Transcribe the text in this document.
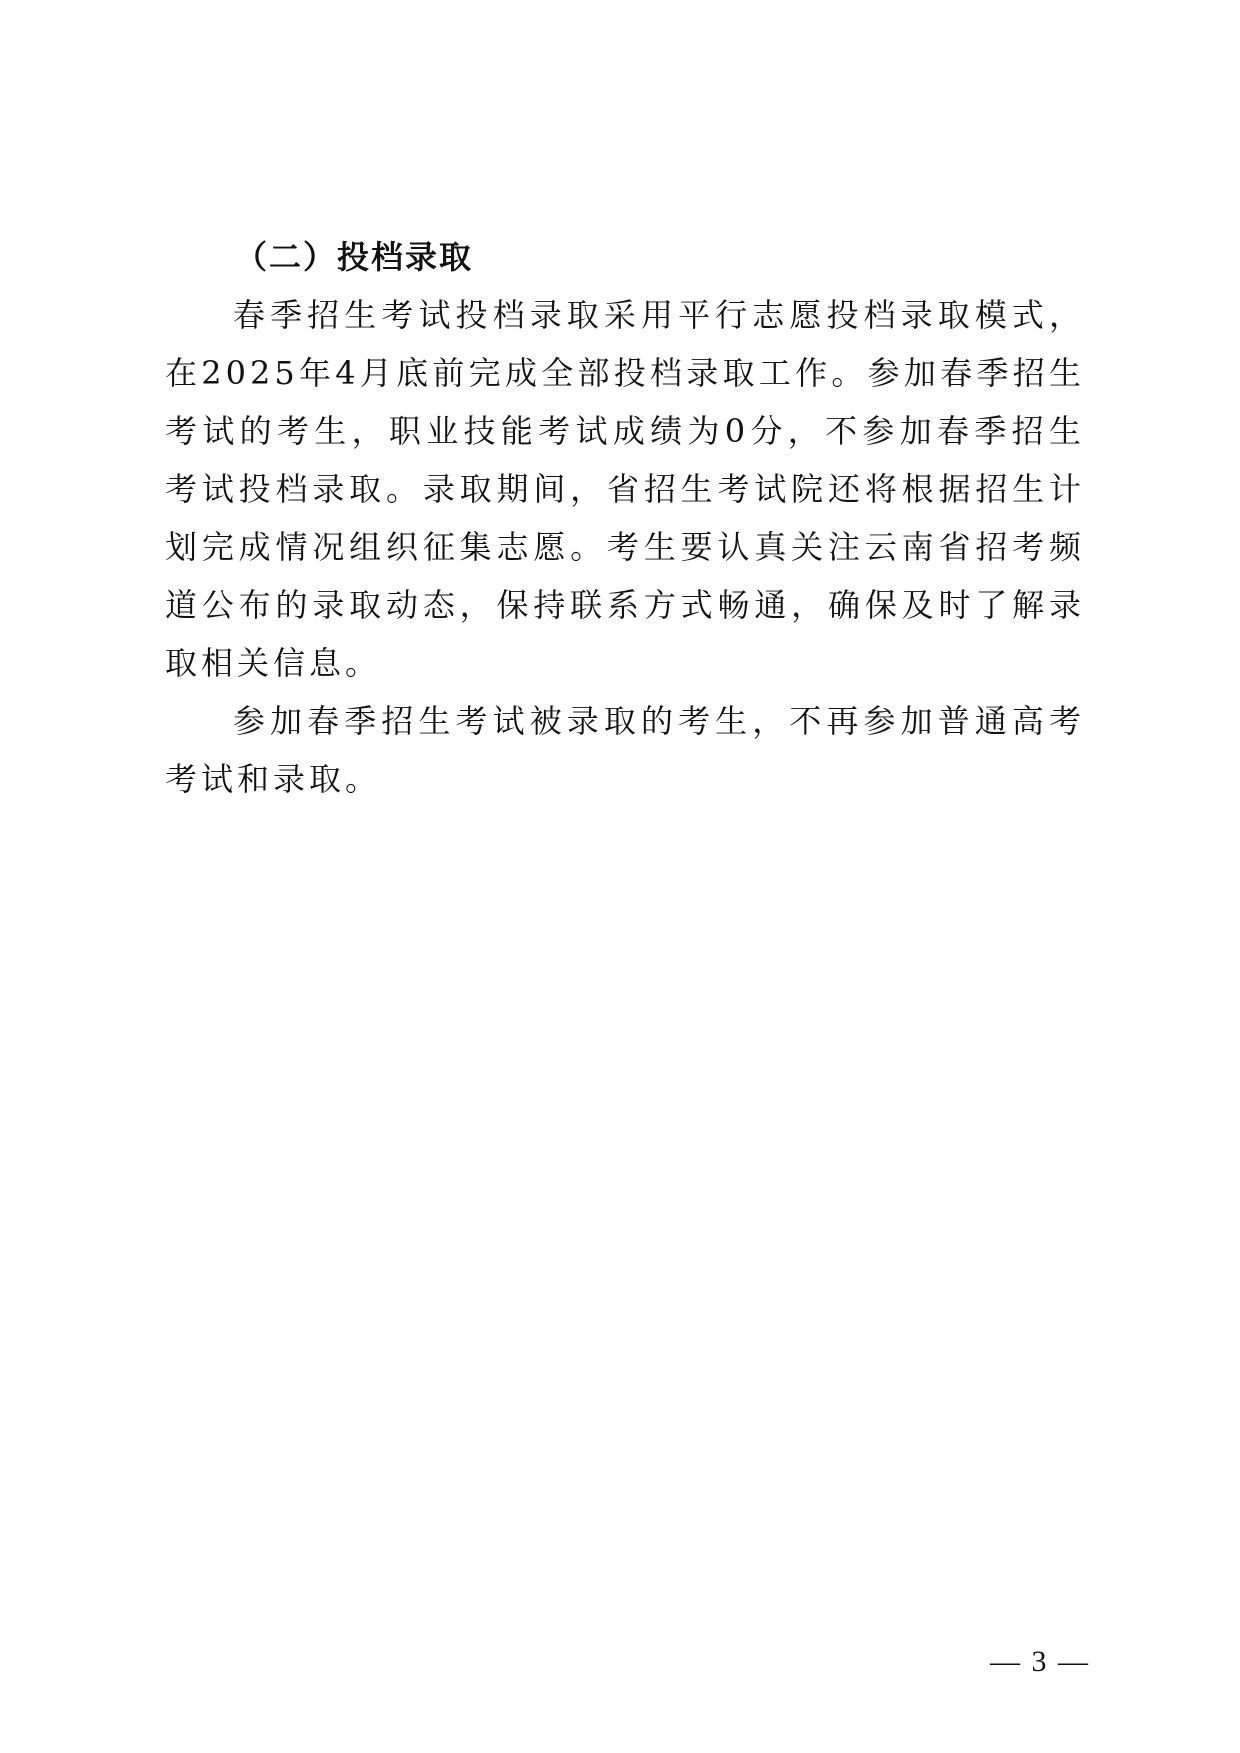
（二）投档录取

春季招生考试投档录取采用平行志愿投档录取模式，在2025年4月底前完成全部投档录取工作。参加春季招生考试的考生，职业技能考试成绩为0分，不参加春季招生考试投档录取。录取期间，省招生考试院还将根据招生计划完成情况组织征集志愿。考生要认真关注云南省招考频道公布的录取动态，保持联系方式畅通，确保及时了解录取相关信息。

参加春季招生考试被录取的考生，不再参加普通高考考试和录取。

— 3 —
